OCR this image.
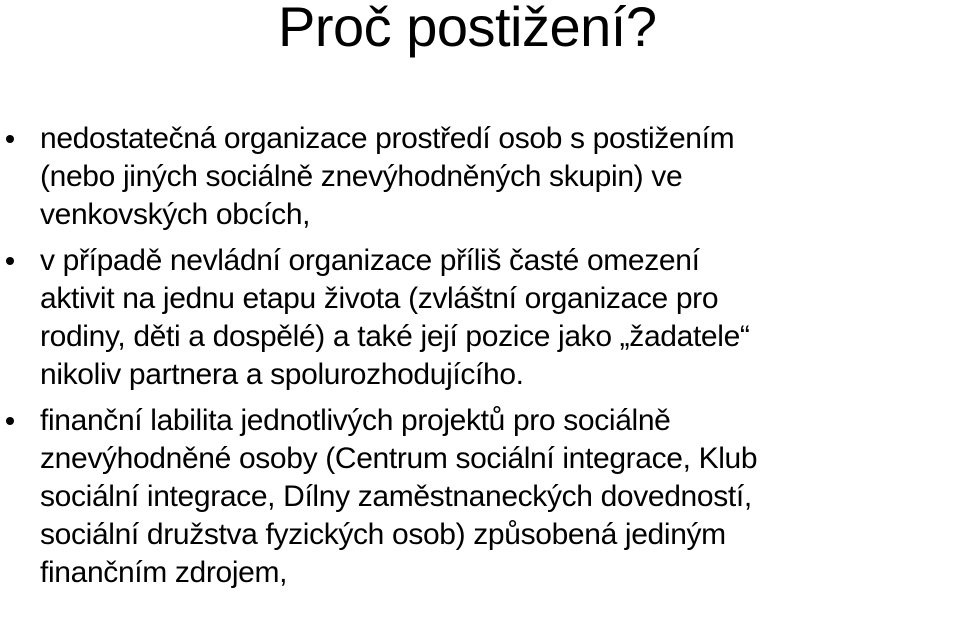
Proč postižení?
nedostatečná organizace prostředí osob s postižením
(nebo jiných sociálně znevýhodněných skupin) ve
venkovských obcích,
v případě nevládní organizace příliš časté omezení
aktivit na jednu etapu života (zvláštní organizace pro
rodiny, děti a dospělé) a také její pozice jako „žadatele“
nikoliv partnera a spolurozhodujícího.
finanční labilita jednotlivých projektů pro sociálně
znevýhodněné osoby (Centrum sociální integrace, Klub
sociální integrace, Dílny zaměstnaneckých dovedností,
sociální družstva fyzických osob) způsobená jediným
finančním zdrojem,
